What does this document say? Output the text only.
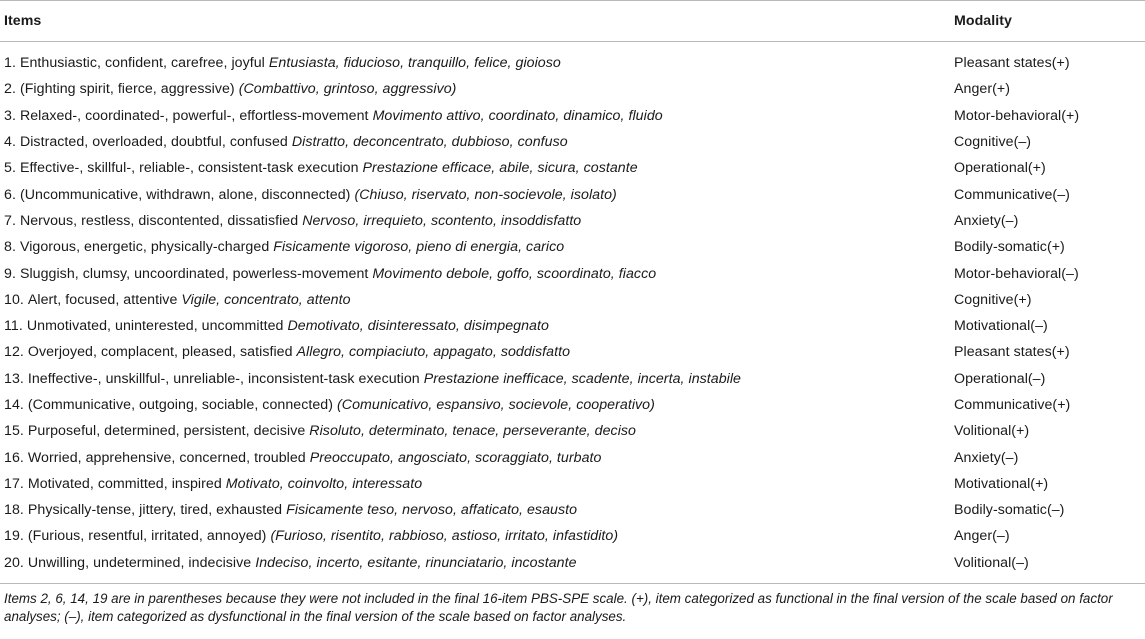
Items	Modality
1. Enthusiastic, confident, carefree, joyful Entusiasta, fiducioso, tranquillo, felice, gioioso	Pleasant states(+)
2. (Fighting spirit, fierce, aggressive) (Combattivo, grintoso, aggressivo)	Anger(+)
3. Relaxed-, coordinated-, powerful-, effortless-movement Movimento attivo, coordinato, dinamico, fluido	Motor-behavioral(+)
4. Distracted, overloaded, doubtful, confused Distratto, deconcentrato, dubbioso, confuso	Cognitive(–)
5. Effective-, skillful-, reliable-, consistent-task execution Prestazione efficace, abile, sicura, costante	Operational(+)
6. (Uncommunicative, withdrawn, alone, disconnected) (Chiuso, riservato, non-socievole, isolato)	Communicative(–)
7. Nervous, restless, discontented, dissatisfied Nervoso, irrequieto, scontento, insoddisfatto	Anxiety(–)
8. Vigorous, energetic, physically-charged Fisicamente vigoroso, pieno di energia, carico	Bodily-somatic(+)
9. Sluggish, clumsy, uncoordinated, powerless-movement Movimento debole, goffo, scoordinato, fiacco	Motor-behavioral(–)
10. Alert, focused, attentive Vigile, concentrato, attento	Cognitive(+)
11. Unmotivated, uninterested, uncommitted Demotivato, disinteressato, disimpegnato	Motivational(–)
12. Overjoyed, complacent, pleased, satisfied Allegro, compiaciuto, appagato, soddisfatto	Pleasant states(+)
13. Ineffective-, unskillful-, unreliable-, inconsistent-task execution Prestazione inefficace, scadente, incerta, instabile	Operational(–)
14. (Communicative, outgoing, sociable, connected) (Comunicativo, espansivo, socievole, cooperativo)	Communicative(+)
15. Purposeful, determined, persistent, decisive Risoluto, determinato, tenace, perseverante, deciso	Volitional(+)
16. Worried, apprehensive, concerned, troubled Preoccupato, angosciato, scoraggiato, turbato	Anxiety(–)
17. Motivated, committed, inspired Motivato, coinvolto, interessato	Motivational(+)
18. Physically-tense, jittery, tired, exhausted Fisicamente teso, nervoso, affaticato, esausto	Bodily-somatic(–)
19. (Furious, resentful, irritated, annoyed) (Furioso, risentito, rabbioso, astioso, irritato, infastidito)	Anger(–)
20. Unwilling, undetermined, indecisive Indeciso, incerto, esitante, rinunciatario, incostante	Volitional(–)
Items 2, 6, 14, 19 are in parentheses because they were not included in the final 16-item PBS-SPE scale. (+), item categorized as functional in the final version of the scale based on factor analyses; (–), item categorized as dysfunctional in the final version of the scale based on factor analyses.
